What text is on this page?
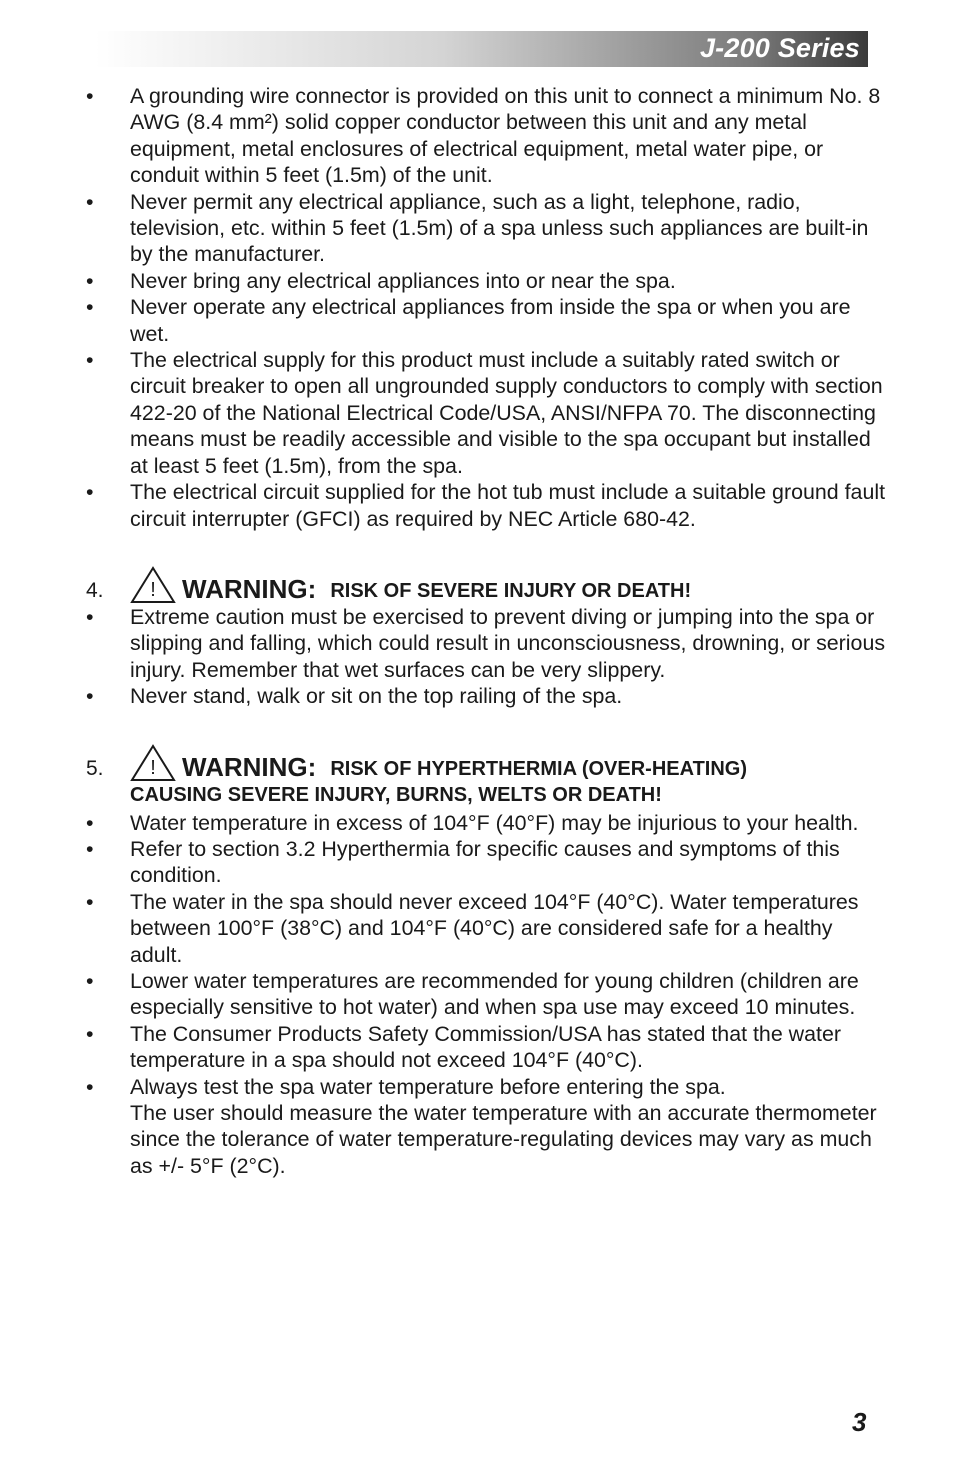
J-200 Series
• A grounding wire connector is provided on this unit to connect a minimum No. 8 AWG (8.4 mm²) solid copper conductor between this unit and any metal equipment, metal enclosures of electrical equipment, metal water pipe, or conduit within 5 feet (1.5m) of the unit.
• Never permit any electrical appliance, such as a light, telephone, radio, television, etc. within 5 feet (1.5m) of a spa unless such appliances are built-in by the manufacturer.
• Never bring any electrical appliances into or near the spa.
• Never operate any electrical appliances from inside the spa or when you are wet.
• The electrical supply for this product must include a suitably rated switch or circuit breaker to open all ungrounded supply conductors to comply with section 422-20 of the National Electrical Code/USA, ANSI/NFPA 70. The disconnecting means must be readily accessible and visible to the spa occupant but installed at least 5 feet (1.5m), from the spa.
• The electrical circuit supplied for the hot tub must include a suitable ground fault circuit interrupter (GFCI) as required by NEC Article 680-42.
4. ! WARNING: RISK OF SEVERE INJURY OR DEATH!
• Extreme caution must be exercised to prevent diving or jumping into the spa or slipping and falling, which could result in unconsciousness, drowning, or serious injury. Remember that wet surfaces can be very slippery.
• Never stand, walk or sit on the top railing of the spa.
5. ! WARNING: RISK OF HYPERTHERMIA (OVER-HEATING)
CAUSING SEVERE INJURY, BURNS, WELTS OR DEATH!
• Water temperature in excess of 104°F (40°F) may be injurious to your health.
• Refer to section 3.2 Hyperthermia for specific causes and symptoms of this condition.
• The water in the spa should never exceed 104°F (40°C). Water temperatures between 100°F (38°C) and 104°F (40°C) are considered safe for a healthy adult.
• Lower water temperatures are recommended for young children (children are especially sensitive to hot water) and when spa use may exceed 10 minutes.
• The Consumer Products Safety Commission/USA has stated that the water temperature in a spa should not exceed 104°F (40°C).
• Always test the spa water temperature before entering the spa.
The user should measure the water temperature with an accurate thermometer since the tolerance of water temperature-regulating devices may vary as much as +/- 5°F (2°C).
3
